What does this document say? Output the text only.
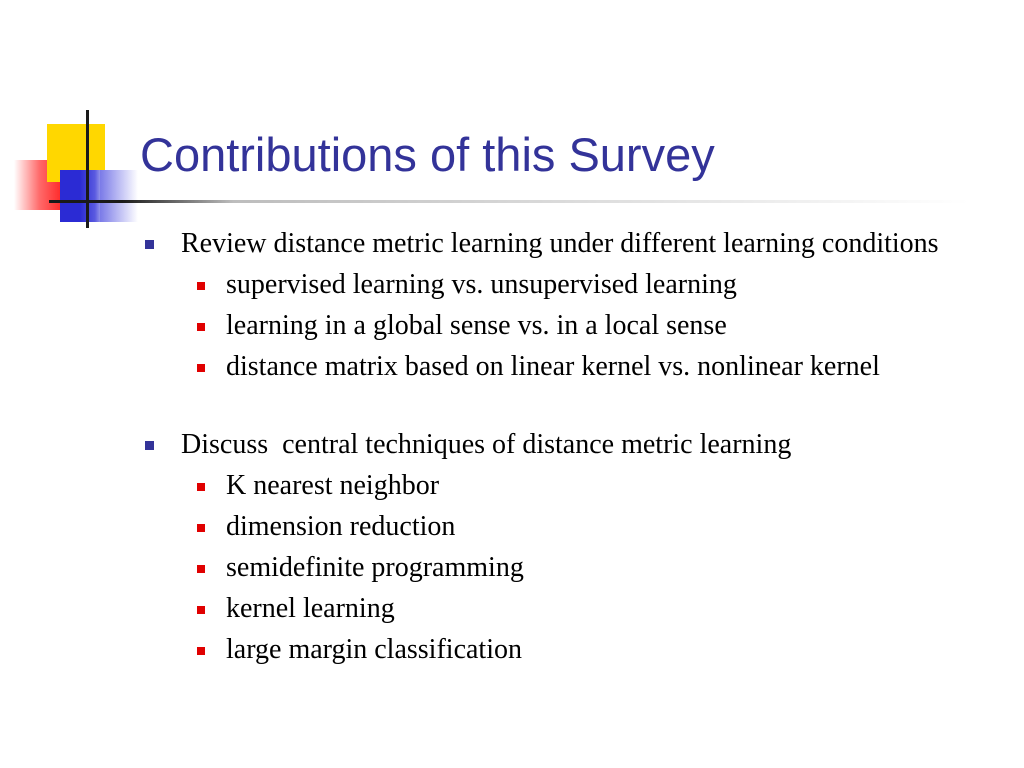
Contributions of this Survey
Review distance metric learning under different learning conditions
supervised learning vs. unsupervised learning
learning in a global sense vs. in a local sense
distance matrix based on linear kernel vs. nonlinear kernel
Discuss  central techniques of distance metric learning
K nearest neighbor
dimension reduction
semidefinite programming
kernel learning
large margin classification
